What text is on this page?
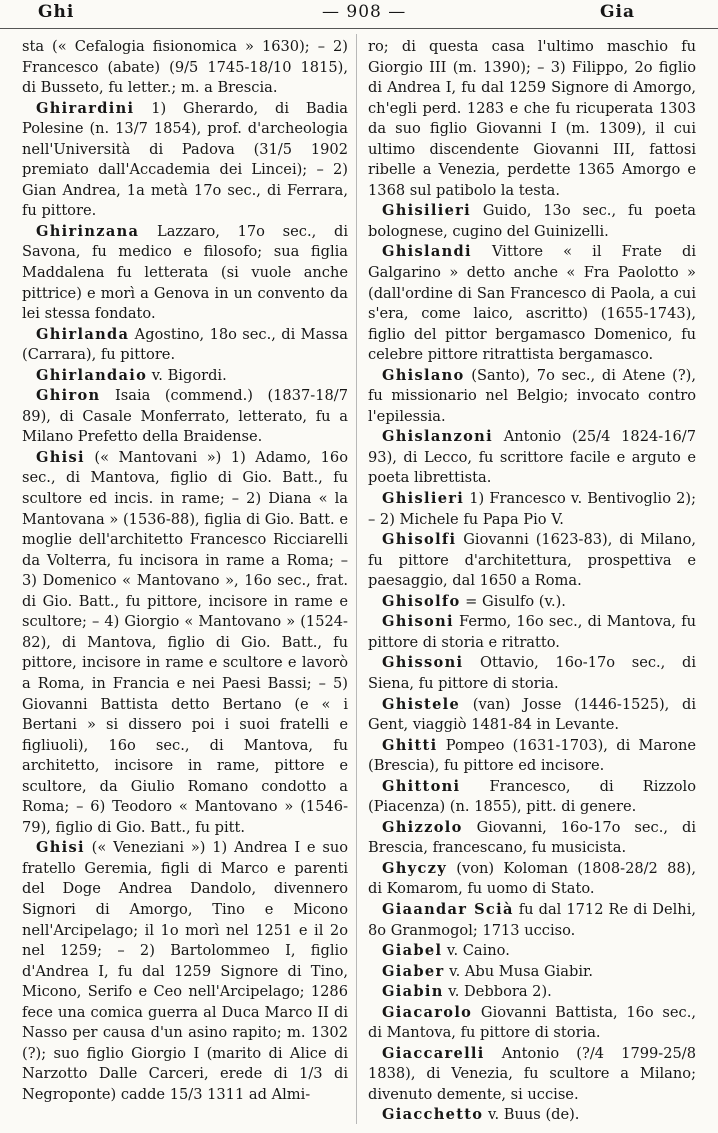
Ghi	— 908 —	Gia

sta (« Cefalogia fisionomica » 1630); – 2) Francesco (abate) (9/5 1745-18/10 1815), di Busseto, fu letter.; m. a Brescia.

Ghirardini 1) Gherardo, di Badia Polesine (n. 13/7 1854), prof. d'archeologia nell'Università di Padova (31/5 1902 premiato dall'Accademia dei Lincei); – 2) Gian Andrea, 1a metà 17o sec., di Ferrara, fu pittore.

Ghirinzana Lazzaro, 17o sec., di Savona, fu medico e filosofo; sua figlia Maddalena fu letterata (si vuole anche pittrice) e morì a Genova in un convento da lei stessa fondato.

Ghirlanda Agostino, 18o sec., di Massa (Carrara), fu pittore.

Ghirlandaio v. Bigordi.

Ghiron Isaia (commend.) (1837-18/7 89), di Casale Monferrato, letterato, fu a Milano Prefetto della Braidense.

Ghisi (« Mantovani ») 1) Adamo, 16o sec., di Mantova, figlio di Gio. Batt., fu scultore ed incis. in rame; – 2) Diana « la Mantovana » (1536-88), figlia di Gio. Batt. e moglie dell'architetto Francesco Ricciarelli da Volterra, fu incisora in rame a Roma; – 3) Domenico « Mantovano », 16o sec., frat. di Gio. Batt., fu pittore, incisore in rame e scultore; – 4) Giorgio « Mantovano » (1524-82), di Mantova, figlio di Gio. Batt., fu pittore, incisore in rame e scultore e lavorò a Roma, in Francia e nei Paesi Bassi; – 5) Giovanni Battista detto Bertano (e « i Bertani » si dissero poi i suoi fratelli e figliuoli), 16o sec., di Mantova, fu architetto, incisore in rame, pittore e scultore, da Giulio Romano condotto a Roma; – 6) Teodoro « Mantovano » (1546-79), figlio di Gio. Batt., fu pitt.

Ghisi (« Veneziani ») 1) Andrea I e suo fratello Geremia, figli di Marco e parenti del Doge Andrea Dandolo, divennero Signori di Amorgo, Tino e Micono nell'Arcipelago; il 1o morì nel 1251 e il 2o nel 1259; – 2) Bartolommeo I, figlio d'Andrea I, fu dal 1259 Signore di Tino, Micono, Serifo e Ceo nell'Arcipelago; 1286 fece una comica guerra al Duca Marco II di Nasso per causa d'un asino rapito; m. 1302 (?); suo figlio Giorgio I (marito di Alice di Narzotto Dalle Carceri, erede di 1/3 di Negroponte) cadde 15/3 1311 ad Almi-

ro; di questa casa l'ultimo maschio fu Giorgio III (m. 1390); – 3) Filippo, 2o figlio di Andrea I, fu dal 1259 Signore di Amorgo, ch'egli perd. 1283 e che fu ricuperata 1303 da suo figlio Giovanni I (m. 1309), il cui ultimo discendente Giovanni III, fattosi ribelle a Venezia, perdette 1365 Amorgo e 1368 sul patibolo la testa.

Ghisilieri Guido, 13o sec., fu poeta bolognese, cugino del Guinizelli.

Ghislandi Vittore « il Frate di Galgarino » detto anche « Fra Paolotto » (dall'ordine di San Francesco di Paola, a cui s'era, come laico, ascritto) (1655-1743), figlio del pittor bergamasco Domenico, fu celebre pittore ritrattista bergamasco.

Ghislano (Santo), 7o sec., di Atene (?), fu missionario nel Belgio; invocato contro l'epilessia.

Ghislanzoni Antonio (25/4 1824-16/7 93), di Lecco, fu scrittore facile e arguto e poeta librettista.

Ghislieri 1) Francesco v. Bentivoglio 2); – 2) Michele fu Papa Pio V.

Ghisolfi Giovanni (1623-83), di Milano, fu pittore d'architettura, prospettiva e paesaggio, dal 1650 a Roma.

Ghisolfo = Gisulfo (v.).

Ghisoni Fermo, 16o sec., di Mantova, fu pittore di storia e ritratto.

Ghissoni Ottavio, 16o-17o sec., di Siena, fu pittore di storia.

Ghistele (van) Josse (1446-1525), di Gent, viaggiò 1481-84 in Levante.

Ghitti Pompeo (1631-1703), di Marone (Brescia), fu pittore ed incisore.

Ghittoni Francesco, di Rizzolo (Piacenza) (n. 1855), pitt. di genere.

Ghizzolo Giovanni, 16o-17o sec., di Brescia, francescano, fu musicista.

Ghyczy (von) Koloman (1808-28/2 88), di Komarom, fu uomo di Stato.

Giaandar Scià fu dal 1712 Re di Delhi, 8o Granmogol; 1713 ucciso.

Giabel v. Caino.

Giaber v. Abu Musa Giabir.

Giabin v. Debbora 2).

Giacarolo Giovanni Battista, 16o sec., di Mantova, fu pittore di storia.

Giaccarelli Antonio (?/4 1799-25/8 1838), di Venezia, fu scultore a Milano; divenuto demente, si uccise.

Giacchetto v. Buus (de).
